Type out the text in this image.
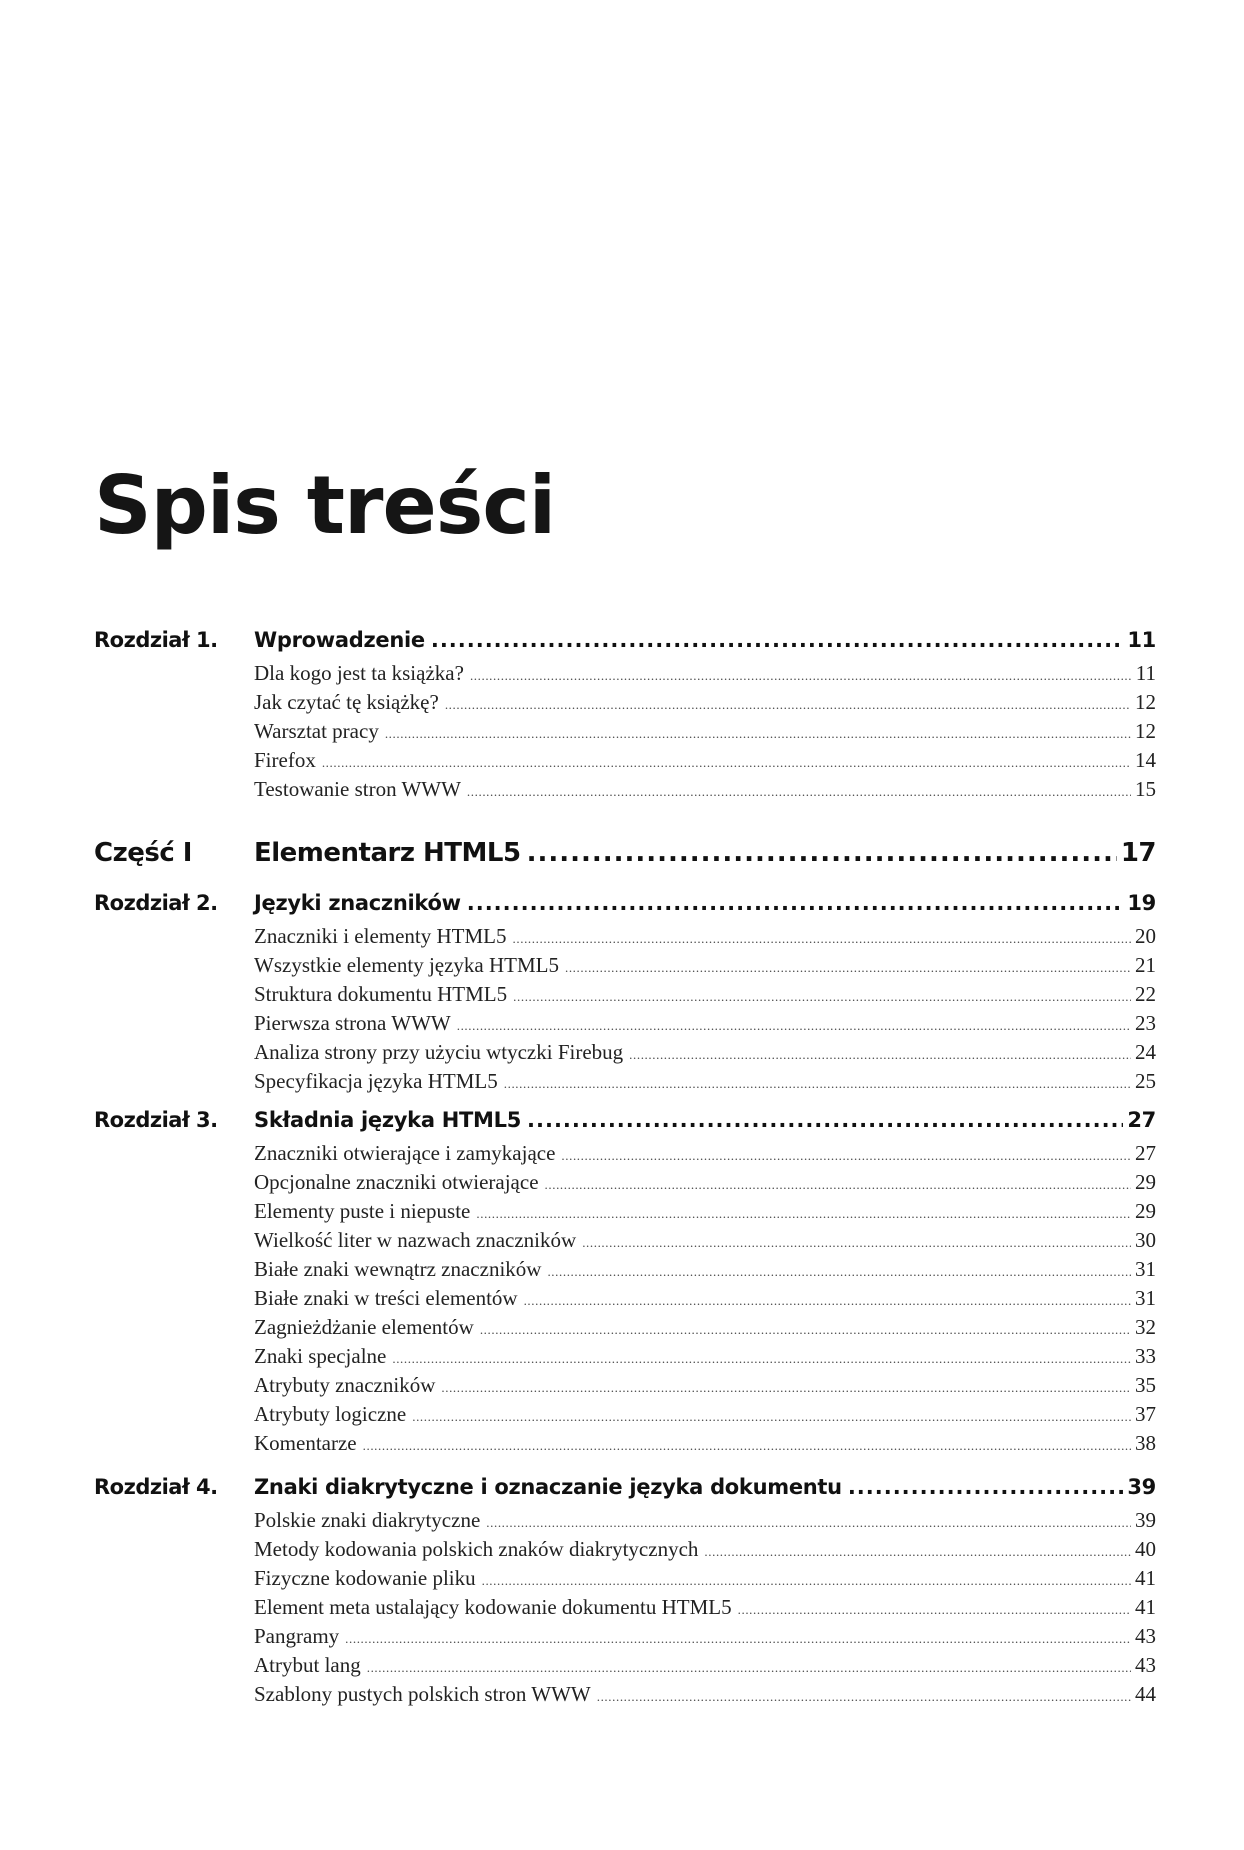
Spis treści
Rozdział 1. Wprowadzenie .....	11
Dla kogo jest ta książka? .....	11
Jak czytać tę książkę? .....	12
Warsztat pracy .....	12
Firefox .....	14
Testowanie stron WWW .....	15
Część I Elementarz HTML5 .....	17
Rozdział 2. Języki znaczników .....	19
Znaczniki i elementy HTML5 .....	20
Wszystkie elementy języka HTML5 .....	21
Struktura dokumentu HTML5 .....	22
Pierwsza strona WWW .....	23
Analiza strony przy użyciu wtyczki Firebug .....	24
Specyfikacja języka HTML5 .....	25
Rozdział 3. Składnia języka HTML5 .....	27
Znaczniki otwierające i zamykające .....	27
Opcjonalne znaczniki otwierające .....	29
Elementy puste i niepuste .....	29
Wielkość liter w nazwach znaczników .....	30
Białe znaki wewnątrz znaczników .....	31
Białe znaki w treści elementów .....	31
Zagnieżdżanie elementów .....	32
Znaki specjalne .....	33
Atrybuty znaczników .....	35
Atrybuty logiczne .....	37
Komentarze .....	38
Rozdział 4. Znaki diakrytyczne i oznaczanie języka dokumentu .....	39
Polskie znaki diakrytyczne .....	39
Metody kodowania polskich znaków diakrytycznych .....	40
Fizyczne kodowanie pliku .....	41
Element meta ustalający kodowanie dokumentu HTML5 .....	41
Pangramy .....	43
Atrybut lang .....	43
Szablony pustych polskich stron WWW .....	44
